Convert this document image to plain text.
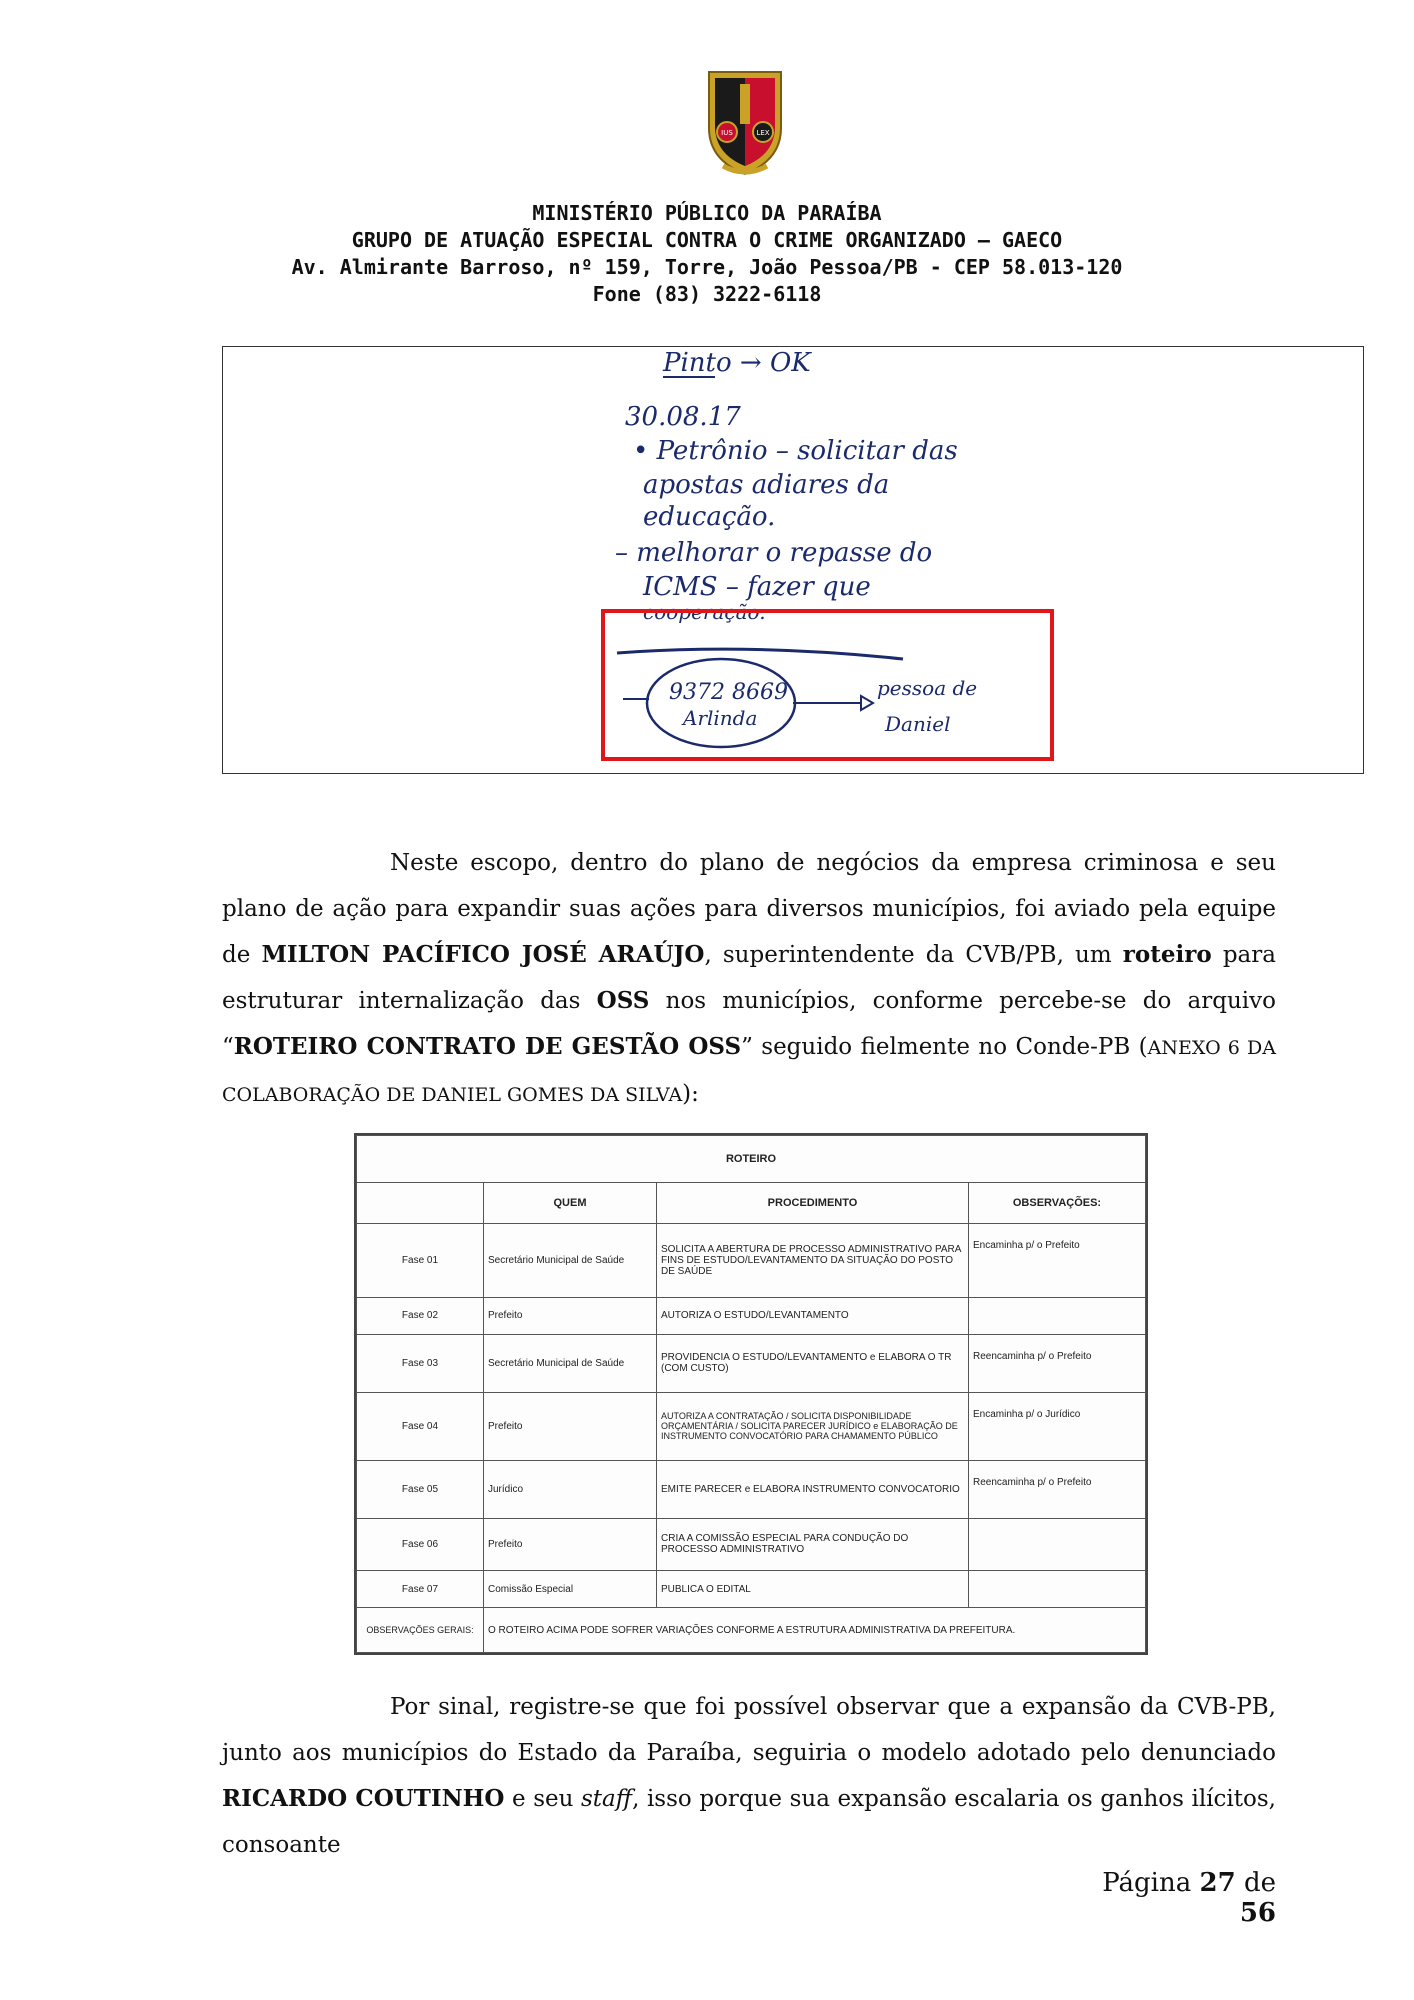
IUS	LEX
MINISTÉRIO PÚBLICO DA PARAÍBA
GRUPO DE ATUAÇÃO ESPECIAL CONTRA O CRIME ORGANIZADO – GAECO
Av. Almirante Barroso, nº 159, Torre, João Pessoa/PB - CEP 58.013-120
Fone (83) 3222-6118
Pinto → OK
30.08.17
• Petrônio – solicitar das
apostas adiares da
educação.
– melhorar o repasse do
ICMS – fazer que
cooperação.
9372 8669
Arlinda
pessoa de
Daniel

Neste escopo, dentro do plano de negócios da empresa criminosa e seu plano de ação para expandir suas ações para diversos municípios, foi aviado pela equipe de MILTON PACÍFICO JOSÉ ARAÚJO, superintendente da CVB/PB, um roteiro para estruturar internalização das OSS nos municípios, conforme percebe-se do arquivo “ROTEIRO CONTRATO DE GESTÃO OSS” seguido fielmente no Conde-PB (ANEXO 6 DA COLABORAÇÃO DE DANIEL GOMES DA SILVA):

ROTEIRO			
	QUEM	PROCEDIMENTO	OBSERVAÇÕES:
Fase 01	Secretário Municipal de Saúde	SOLICITA A ABERTURA DE PROCESSO ADMINISTRATIVO PARA FINS DE ESTUDO/LEVANTAMENTO DA SITUAÇÃO DO POSTO DE SAÚDE	Encaminha p/ o Prefeito
Fase 02	Prefeito	AUTORIZA O ESTUDO/LEVANTAMENTO	
Fase 03	Secretário Municipal de Saúde	PROVIDENCIA O ESTUDO/LEVANTAMENTO e ELABORA O TR (COM CUSTO)	Reencaminha p/ o Prefeito
Fase 04	Prefeito	AUTORIZA A CONTRATAÇÃO / SOLICITA DISPONIBILIDADE ORÇAMENTÁRIA / SOLICITA PARECER JURÍDICO e ELABORAÇÃO DE INSTRUMENTO CONVOCATÓRIO PARA CHAMAMENTO PÚBLICO	Encaminha p/ o Jurídico
Fase 05	Jurídico	EMITE PARECER e ELABORA INSTRUMENTO CONVOCATORIO	Reencaminha p/ o Prefeito
Fase 06	Prefeito	CRIA A COMISSÃO ESPECIAL PARA CONDUÇÃO DO PROCESSO ADMINISTRATIVO	
Fase 07	Comissão Especial	PUBLICA O EDITAL	
OBSERVAÇÕES GERAIS:	O ROTEIRO ACIMA PODE SOFRER VARIAÇÕES CONFORME A ESTRUTURA ADMINISTRATIVA DA PREFEITURA.		

Por sinal, registre-se que foi possível observar que a expansão da CVB-PB, junto aos municípios do Estado da Paraíba, seguiria o modelo adotado pelo denunciado RICARDO COUTINHO e seu staff, isso porque sua expansão escalaria os ganhos ilícitos, consoante

Página 27 de 56
